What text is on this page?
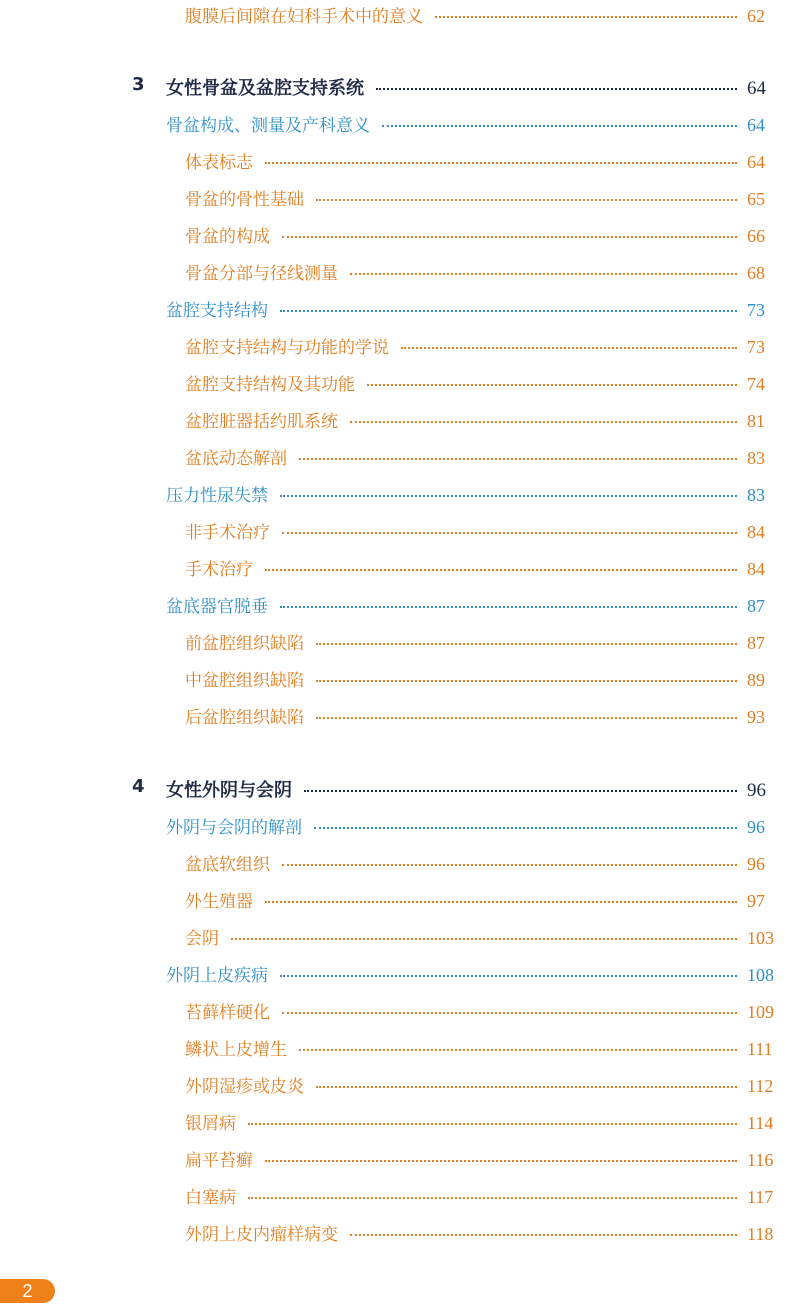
腹膜后间隙在妇科手术中的意义	62
3	女性骨盆及盆腔支持系统	64
骨盆构成、测量及产科意义	64
体表标志	64
骨盆的骨性基础	65
骨盆的构成	66
骨盆分部与径线测量	68
盆腔支持结构	73
盆腔支持结构与功能的学说	73
盆腔支持结构及其功能	74
盆腔脏器括约肌系统	81
盆底动态解剖	83
压力性尿失禁	83
非手术治疗	84
手术治疗	84
盆底器官脱垂	87
前盆腔组织缺陷	87
中盆腔组织缺陷	89
后盆腔组织缺陷	93
4	女性外阴与会阴	96
外阴与会阴的解剖	96
盆底软组织	96
外生殖器	97
会阴	103
外阴上皮疾病	108
苔藓样硬化	109
鳞状上皮增生	111
外阴湿疹或皮炎	112
银屑病	114
扁平苔癣	116
白塞病	117
外阴上皮内瘤样病变	118
2
